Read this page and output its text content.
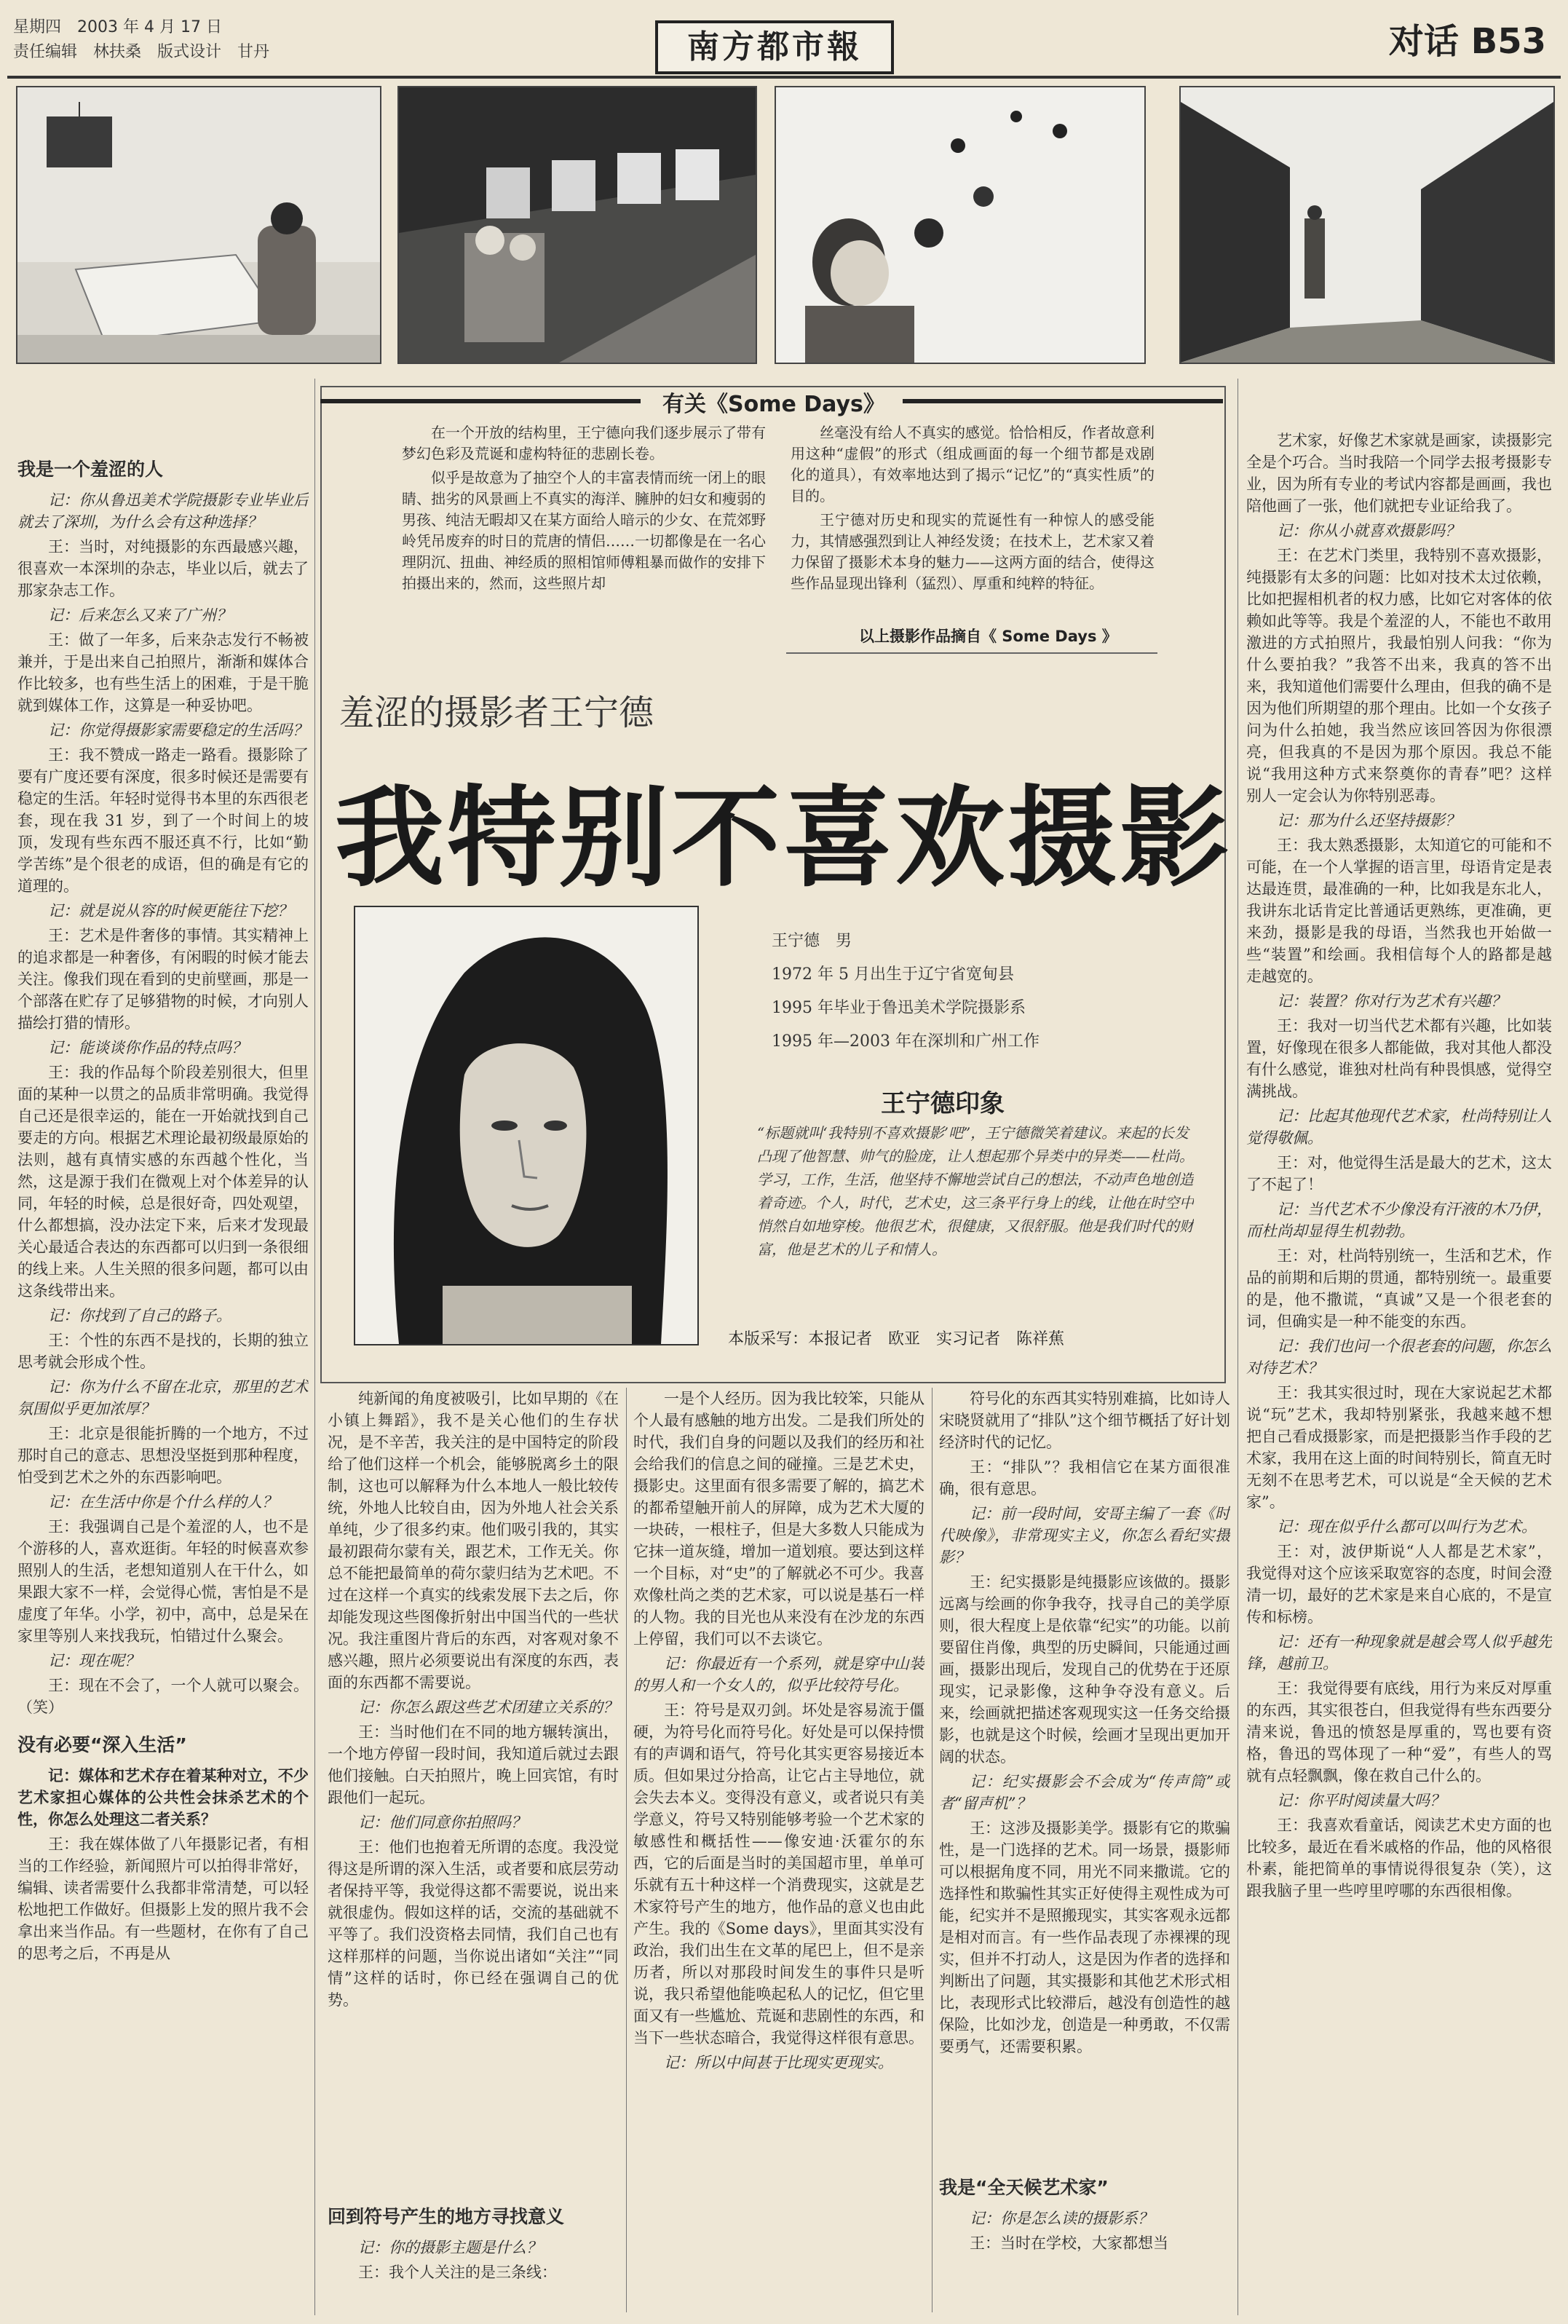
星期四　2003 年 4 月 17 日
责任编辑　林扶桑　版式设计　甘丹	南方都市報	对话 B53
我是一个羞涩的人

记：你从鲁迅美术学院摄影专业毕业后就去了深圳，为什么会有这种选择？

王：当时，对纯摄影的东西最感兴趣，很喜欢一本深圳的杂志，毕业以后，就去了那家杂志工作。

记：后来怎么又来了广州？

王：做了一年多，后来杂志发行不畅被兼并，于是出来自己拍照片，渐渐和媒体合作比较多，也有些生活上的困难，于是干脆就到媒体工作，这算是一种妥协吧。

记：你觉得摄影家需要稳定的生活吗？

王：我不赞成一路走一路看。摄影除了要有广度还要有深度，很多时候还是需要有稳定的生活。年轻时觉得书本里的东西很老套，现在我 31 岁，到了一个时间上的坡顶，发现有些东西不服还真不行，比如“勤学苦练”是个很老的成语，但的确是有它的道理的。

记：就是说从容的时候更能往下挖？

王：艺术是件奢侈的事情。其实精神上的追求都是一种奢侈，有闲暇的时候才能去关注。像我们现在看到的史前壁画，那是一个部落在贮存了足够猎物的时候，才向别人描绘打猎的情形。

记：能谈谈你作品的特点吗？

王：我的作品每个阶段差别很大，但里面的某种一以贯之的品质非常明确。我觉得自己还是很幸运的，能在一开始就找到自己要走的方向。根据艺术理论最初级最原始的法则，越有真情实感的东西越个性化，当然，这是源于我们在微观上对个体差异的认同，年轻的时候，总是很好奇，四处观望，什么都想搞，没办法定下来，后来才发现最关心最适合表达的东西都可以归到一条很细的线上来。人生关照的很多问题，都可以由这条线带出来。

记：你找到了自己的路子。

王：个性的东西不是找的，长期的独立思考就会形成个性。

记：你为什么不留在北京，那里的艺术氛围似乎更加浓厚？

王：北京是很能折腾的一个地方，不过那时自己的意志、思想没坚挺到那种程度，怕受到艺术之外的东西影响吧。

记：在生活中你是个什么样的人？

王：我强调自己是个羞涩的人，也不是个游移的人，喜欢逛街。年轻的时候喜欢参照别人的生活，老想知道别人在干什么，如果跟大家不一样，会觉得心慌，害怕是不是虚度了年华。小学，初中，高中，总是呆在家里等别人来找我玩，怕错过什么聚会。

记：现在呢？

王：现在不会了，一个人就可以聚会。（笑）

没有必要“深入生活”

记：媒体和艺术存在着某种对立，不少艺术家担心媒体的公共性会抹杀艺术的个性，你怎么处理这二者关系？

王：我在媒体做了八年摄影记者，有相当的工作经验，新闻照片可以拍得非常好，编辑、读者需要什么我都非常清楚，可以轻松地把工作做好。但摄影上发的照片我不会拿出来当作品。有一些题材，在你有了自己的思考之后，不再是从

有关《Some Days》

在一个开放的结构里，王宁德向我们逐步展示了带有梦幻色彩及荒诞和虚构特征的悲剧长卷。

似乎是故意为了抽空个人的丰富表情而统一闭上的眼睛、拙劣的风景画上不真实的海洋、臃肿的妇女和瘦弱的男孩、纯洁无暇却又在某方面给人暗示的少女、在荒郊野岭凭吊废弃的时日的荒唐的情侣……一切都像是在一名心理阴沉、扭曲、神经质的照相馆师傅粗暴而做作的安排下拍摄出来的，然而，这些照片却

丝毫没有给人不真实的感觉。恰恰相反，作者故意利用这种“虚假”的形式（组成画面的每一个细节都是戏剧化的道具），有效率地达到了揭示“记忆”的“真实性质”的目的。

王宁德对历史和现实的荒诞性有一种惊人的感受能力，其情感强烈到让人神经发烫；在技术上，艺术家又着力保留了摄影术本身的魅力——这两方面的结合，使得这些作品显现出锋利（猛烈）、厚重和纯粹的特征。

以上摄影作品摘自《 Some Days 》
羞涩的摄影者王宁德
我特别不喜欢摄影
王宁德　男
1972 年 5 月出生于辽宁省宽甸县
1995 年毕业于鲁迅美术学院摄影系
1995 年—2003 年在深圳和广州工作
王宁德印象
“标题就叫‘我特别不喜欢摄影’吧”，王宁德微笑着建议。来起的长发凸现了他智慧、帅气的脸庞，让人想起那个异类中的异类——杜尚。学习，工作，生活，他坚持不懈地尝试自己的想法，不动声色地创造着奇迹。个人，时代，艺术史，这三条平行身上的线，让他在时空中悄然自如地穿梭。他很艺术，很健康，又很舒服。他是我们时代的财富，他是艺术的儿子和情人。
本版采写：本报记者　欧亚　实习记者　陈祥蕉

纯新闻的角度被吸引，比如早期的《在小镇上舞蹈》，我不是关心他们的生存状况，是不辛苦，我关注的是中国特定的阶段给了他们这样一个机会，能够脱离乡土的限制，这也可以解释为什么本地人一般比较传统，外地人比较自由，因为外地人社会关系单纯，少了很多约束。他们吸引我的，其实最初跟荷尔蒙有关，跟艺术，工作无关。你总不能把最简单的荷尔蒙归结为艺术吧。不过在这样一个真实的线索发展下去之后，你却能发现这些图像折射出中国当代的一些状况。我注重图片背后的东西，对客观对象不感兴趣，照片必须要说出有深度的东西，表面的东西都不需要说。

记：你怎么跟这些艺术团建立关系的？

王：当时他们在不同的地方辗转演出，一个地方停留一段时间，我知道后就过去跟他们接触。白天拍照片，晚上回宾馆，有时跟他们一起玩。

记：他们同意你拍照吗？

王：他们也抱着无所谓的态度。我没觉得这是所谓的深入生活，或者要和底层劳动者保持平等，我觉得这都不需要说，说出来就很虚伪。假如这样的话，交流的基础就不平等了。我们没资格去同情，我们自己也有这样那样的问题，当你说出诸如“关注”“同情”这样的话时，你已经在强调自己的优势。

回到符号产生的地方寻找意义

记：你的摄影主题是什么？

王：我个人关注的是三条线：

一是个人经历。因为我比较笨，只能从个人最有感触的地方出发。二是我们所处的时代，我们自身的问题以及我们的经历和社会给我们的信息之间的碰撞。三是艺术史，摄影史。这里面有很多需要了解的，搞艺术的都希望触开前人的屏障，成为艺术大厦的一块砖，一根柱子，但是大多数人只能成为它抹一道灰缝，增加一道划痕。要达到这样一个目标，对“史”的了解就必不可少。我喜欢像杜尚之类的艺术家，可以说是基石一样的人物。我的目光也从来没有在沙龙的东西上停留，我们可以不去谈它。

记：你最近有一个系列，就是穿中山装的男人和一个女人的，似乎比较符号化。

王：符号是双刃剑。坏处是容易流于僵硬，为符号化而符号化。好处是可以保持惯有的声调和语气，符号化其实更容易接近本质。但如果过分拾高，让它占主导地位，就会失去本义。变得没有意义，或者说只有美学意义，符号又特别能够考验一个艺术家的敏感性和概括性——像安迪·沃霍尔的东西，它的后面是当时的美国超市里，单单可乐就有五十种这样一个消费现实，这就是艺术家符号产生的地方，他作品的意义也由此产生。我的《Some days》，里面其实没有政治，我们出生在文革的尾巴上，但不是亲历者，所以对那段时间发生的事件只是听说，我只希望他能唤起私人的记忆，但它里面又有一些尴尬、荒诞和悲剧性的东西，和当下一些状态暗合，我觉得这样很有意思。

记：所以中间甚于比现实更现实。

符号化的东西其实特别难搞，比如诗人宋晓贤就用了“排队”这个细节概括了好计划经济时代的记忆。

王：“排队”？我相信它在某方面很准确，很有意思。

记：前一段时间，安哥主编了一套《时代映像》，非常现实主义，你怎么看纪实摄影？

王：纪实摄影是纯摄影应该做的。摄影远离与绘画的你争我夺，找寻自己的美学原则，很大程度上是依靠“纪实”的功能。以前要留住肖像，典型的历史瞬间，只能通过画画，摄影出现后，发现自己的优势在于还原现实，记录影像，这种争夺没有意义。后来，绘画就把描述客观现实这一任务交给摄影，也就是这个时候，绘画才呈现出更加开阔的状态。

记：纪实摄影会不会成为“传声筒”或者“留声机”？

王：这涉及摄影美学。摄影有它的欺骗性，是一门选择的艺术。同一场景，摄影师可以根据角度不同，用光不同来撒谎。它的选择性和欺骗性其实正好使得主观性成为可能，纪实并不是照搬现实，其实客观永远都是相对而言。有一些作品表现了赤裸裸的现实，但并不打动人，这是因为作者的选择和判断出了问题，其实摄影和其他艺术形式相比，表现形式比较滞后，越没有创造性的越保险，比如沙龙，创造是一种勇敢，不仅需要勇气，还需要积累。

我是“全天候艺术家”

记：你是怎么读的摄影系？

王：当时在学校，大家都想当

艺术家，好像艺术家就是画家，读摄影完全是个巧合。当时我陪一个同学去报考摄影专业，因为所有专业的考试内容都是画画，我也陪他画了一张，他们就把专业证给我了。

记：你从小就喜欢摄影吗？

王：在艺术门类里，我特别不喜欢摄影，纯摄影有太多的问题：比如对技术太过依赖，比如把握相机者的权力感，比如它对客体的依赖如此等等。我是个羞涩的人，不能也不敢用激进的方式拍照片，我最怕别人问我：“你为什么要拍我？”我答不出来，我真的答不出来，我知道他们需要什么理由，但我的确不是因为他们所期望的那个理由。比如一个女孩子问为什么拍她，我当然应该回答因为你很漂亮，但我真的不是因为那个原因。我总不能说“我用这种方式来祭奠你的青春”吧？这样别人一定会认为你特别恶毒。

记：那为什么还坚持摄影？

王：我太熟悉摄影，太知道它的可能和不可能，在一个人掌握的语言里，母语肯定是表达最连贯，最准确的一种，比如我是东北人，我讲东北话肯定比普通话更熟练，更准确，更来劲，摄影是我的母语，当然我也开始做一些“装置”和绘画。我相信每个人的路都是越走越宽的。

记：装置？你对行为艺术有兴趣？

王：我对一切当代艺术都有兴趣，比如装置，好像现在很多人都能做，我对其他人都没有什么感觉，谁独对杜尚有种畏惧感，觉得空满挑战。

记：比起其他现代艺术家，杜尚特别让人觉得敬佩。

王：对，他觉得生活是最大的艺术，这太了不起了！

记：当代艺术不少像没有汗液的木乃伊，而杜尚却显得生机勃勃。

王：对，杜尚特别统一，生活和艺术，作品的前期和后期的贯通，都特别统一。最重要的是，他不撒谎，“真诚”又是一个很老套的词，但确实是一种不能变的东西。

记：我们也问一个很老套的问题，你怎么对待艺术？

王：我其实很过时，现在大家说起艺术都说“玩”艺术，我却特别紧张，我越来越不想把自己看成摄影家，而是把摄影当作手段的艺术家，我用在这上面的时间特别长，简直无时无刻不在思考艺术，可以说是“全天候的艺术家”。

记：现在似乎什么都可以叫行为艺术。

王：对，波伊斯说“人人都是艺术家”，我觉得对这个应该采取宽容的态度，时间会澄清一切，最好的艺术家是来自心底的，不是宣传和标榜。

记：还有一种现象就是越会骂人似乎越先锋，越前卫。

王：我觉得要有底线，用行为来反对厚重的东西，其实很苍白，但我觉得有些东西要分清来说，鲁迅的愤怒是厚重的，骂也要有资格，鲁迅的骂体现了一种“爱”，有些人的骂就有点轻飘飘，像在救自己什么的。

记：你平时阅读量大吗？

王：我喜欢看童话，阅读艺术史方面的也比较多，最近在看米戚格的作品，他的风格很朴素，能把简单的事情说得很复杂（笑），这跟我脑子里一些哼里哼哪的东西很相像。
